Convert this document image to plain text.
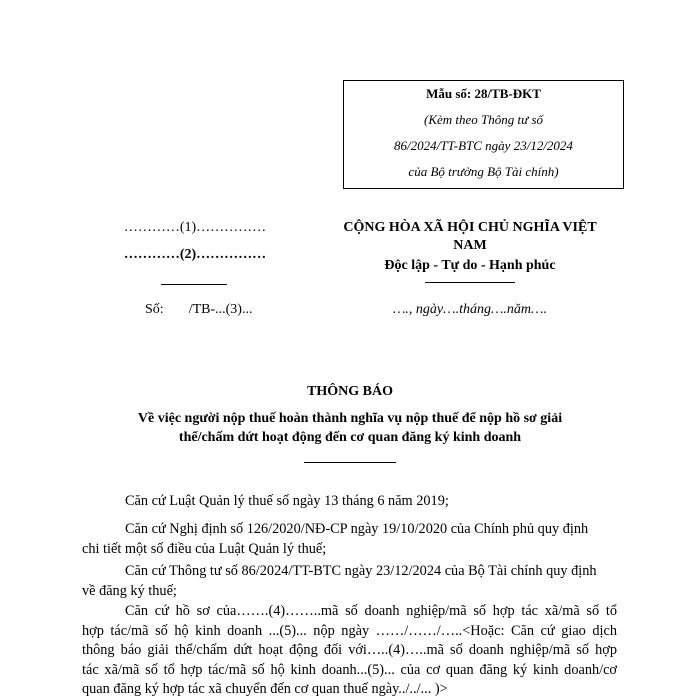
Mẫu số: 28/TB-ĐKT
(Kèm theo Thông tư số
86/2024/TT-BTC ngày 23/12/2024
của Bộ trưởng Bộ Tài chính)
…………(1)……………
…………(2)……………
Số: /TB-...(3)...
CỘNG HÒA XÃ HỘI CHỦ NGHĨA VIỆT
NAM
Độc lập - Tự do - Hạnh phúc
…., ngày….tháng….năm….
THÔNG BÁO
Về việc người nộp thuế hoàn thành nghĩa vụ nộp thuế để nộp hồ sơ giải
thể/chấm dứt hoạt động đến cơ quan đăng ký kinh doanh
Căn cứ Luật Quản lý thuế số ngày 13 tháng 6 năm 2019;
Căn cứ Nghị định số 126/2020/NĐ-CP ngày 19/10/2020 của Chính phủ quy định
chi tiết một số điều của Luật Quản lý thuế;
Căn cứ Thông tư số 86/2024/TT-BTC ngày 23/12/2024 của Bộ Tài chính quy định
về đăng ký thuế;
Căn cứ hồ sơ của…….(4)……..mã số doanh nghiệp/mã số hợp tác xã/mã số tổ
hợp tác/mã số hộ kinh doanh ...(5)... nộp ngày ……/……/…..<Hoặc: Căn cứ giao dịch
thông báo giải thể/chấm dứt hoạt động đối với…..(4)…..mã số doanh nghiệp/mã số hợp
tác xã/mã số tổ hợp tác/mã số hộ kinh doanh...(5)... của cơ quan đăng ký kinh doanh/cơ
quan đăng ký hợp tác xã chuyển đến cơ quan thuế ngày../../... )>
